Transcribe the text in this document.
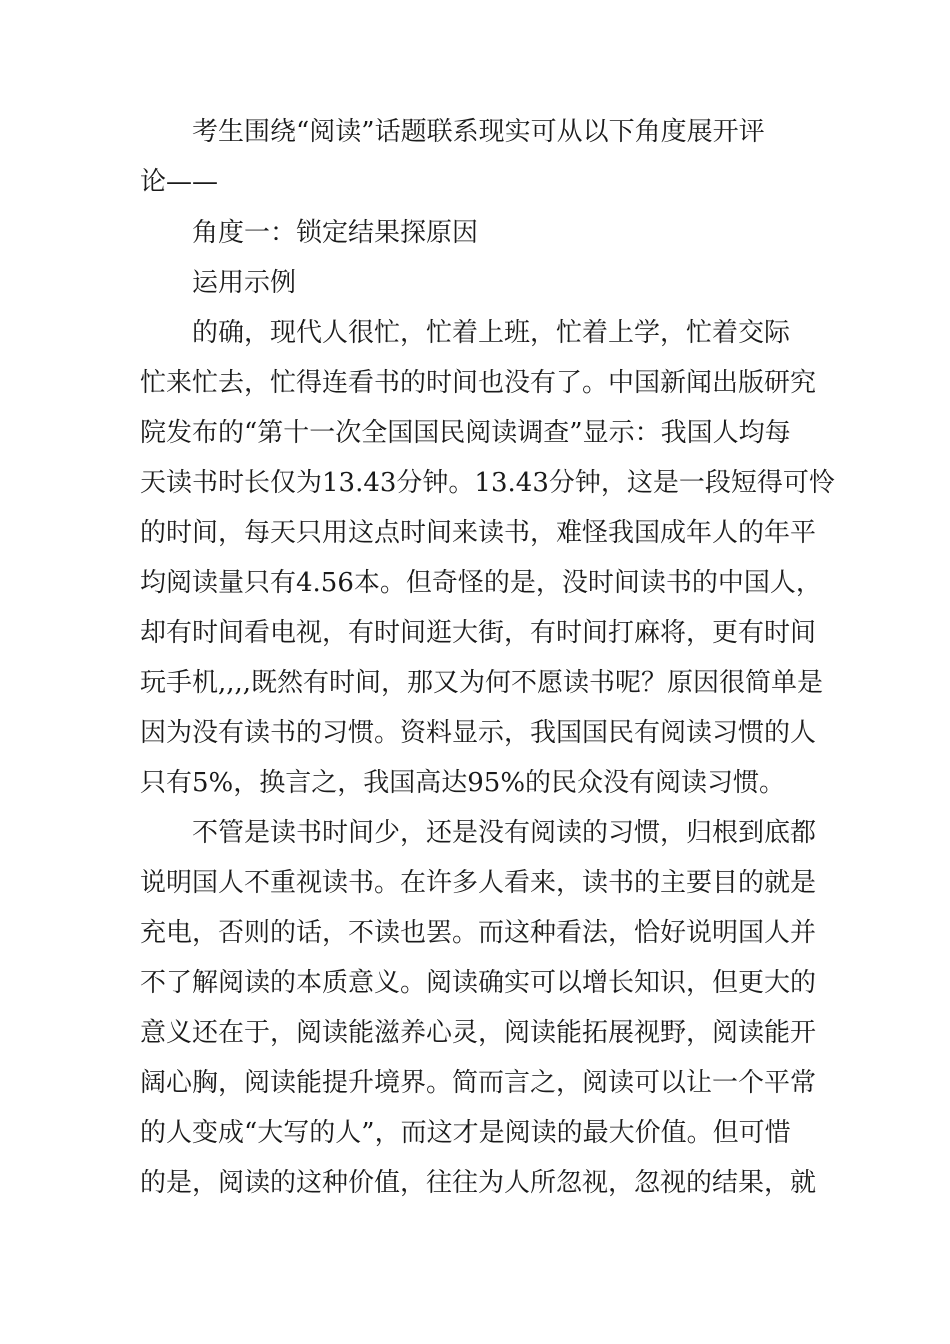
考生围绕“阅读”话题联系现实可从以下角度展开评
论——
角度一：锁定结果探原因
运用示例
的确，现代人很忙，忙着上班，忙着上学，忙着交际
忙来忙去，忙得连看书的时间也没有了。中国新闻出版研究
院发布的“第十一次全国国民阅读调查”显示：我国人均每
天读书时长仅为13.43分钟。13.43分钟，这是一段短得可怜
的时间，每天只用这点时间来读书，难怪我国成年人的年平
均阅读量只有4.56本。但奇怪的是，没时间读书的中国人，
却有时间看电视，有时间逛大街，有时间打麻将，更有时间
玩手机,,,,既然有时间，那又为何不愿读书呢？原因很简单是
因为没有读书的习惯。资料显示，我国国民有阅读习惯的人
只有5%，换言之，我国高达95%的民众没有阅读习惯。
不管是读书时间少，还是没有阅读的习惯，归根到底都
说明国人不重视读书。在许多人看来，读书的主要目的就是
充电，否则的话，不读也罢。而这种看法，恰好说明国人并
不了解阅读的本质意义。阅读确实可以增长知识，但更大的
意义还在于，阅读能滋养心灵，阅读能拓展视野，阅读能开
阔心胸，阅读能提升境界。简而言之，阅读可以让一个平常
的人变成“大写的人”，而这才是阅读的最大价值。但可惜
的是，阅读的这种价值，往往为人所忽视，忽视的结果，就
